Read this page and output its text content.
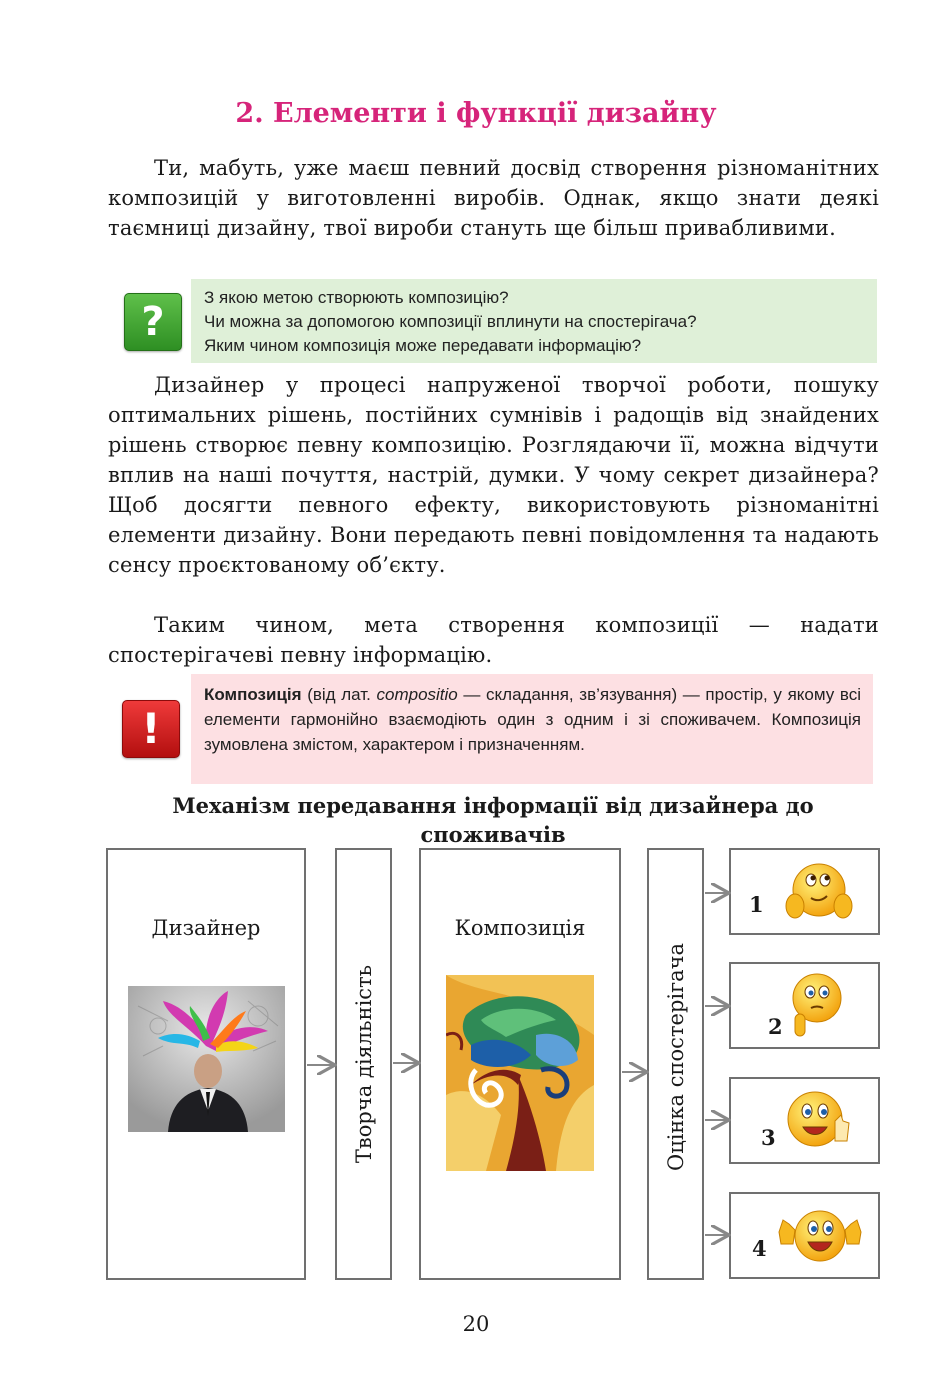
2. Елементи і функції дизайну
Ти, мабуть, уже маєш певний досвід створення різноманітних композицій у виготовленні виробів. Однак, якщо знати деякі таємниці дизайну, твої вироби стануть ще більш привабливими.
?
З якою метою створюють композицію?
Чи можна за допомогою композиції вплинути на спостерігача?
Яким чином композиція може передавати інформацію?
Дизайнер у процесі напруженої творчої роботи, пошуку оптимальних рішень, постійних сумнівів і радощів від знайдених рішень створює певну композицію. Розглядаючи її, можна відчути вплив на наші почуття, настрій, думки. У чому секрет дизайнера? Щоб досягти певного ефекту, використовують різноманітні елементи дизайну. Вони передають певні повідомлення та надають сенсу проєктованому об’єкту.
Таким чином, мета створення композиції — надати спостерігачеві певну інформацію.
!
Композиція (від лат. compositio — складання, зв’язування) — простір, у якому всі елементи гармонійно взаємодіють один з одним і зі споживачем. Композиція зумовлена змістом, характером і призначенням.
Механізм передавання інформації від дизайнера до споживачів
Дизайнер
Творча діяльність
Композиція
Оцінка спостерігача
1
2
3
4
20
